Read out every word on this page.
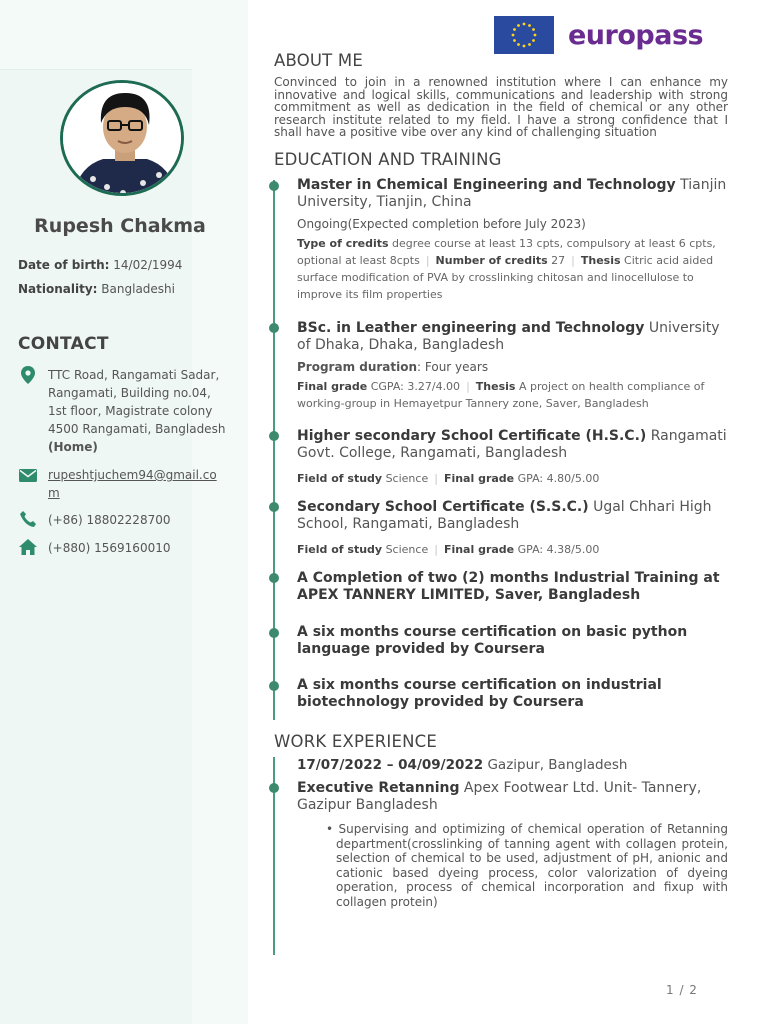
Rupesh Chakma
Date of birth: 14/02/1994
Nationality: Bangladeshi
CONTACT
TTC Road, Rangamati Sadar,
Rangamati, Building no.04,
1st floor, Magistrate colony
4500 Rangamati, Bangladesh
(Home)
rupeshtjuchem94@gmail.co
m
(+86) 18802228700
(+880) 1569160010
europass
ABOUT ME
Convinced to join in a renowned institution where I can enhance my innovative and logical skills, communications and leadership with strong commitment as well as dedication in the field of chemical or any other research institute related to my field. I have a strong confidence that I shall have a positive vibe over any kind of challenging situation
EDUCATION AND TRAINING
Master in Chemical Engineering and Technology Tianjin University, Tianjin, China
Ongoing(Expected completion before July 2023)
Type of credits degree course at least 13 cpts, compulsory at least 6 cpts, optional at least 8cpts | Number of credits 27 | Thesis Citric acid aided surface modification of PVA by crosslinking chitosan and linocellulose to improve its film properties
BSc. in Leather engineering and Technology University of Dhaka, Dhaka, Bangladesh
Program duration: Four years
Final grade CGPA: 3.27/4.00 | Thesis A project on health compliance of working-group in Hemayetpur Tannery zone, Saver, Bangladesh
Higher secondary School Certificate (H.S.C.) Rangamati Govt. College, Rangamati, Bangladesh
Field of study Science | Final grade GPA: 4.80/5.00
Secondary School Certificate (S.S.C.) Ugal Chhari High School, Rangamati, Bangladesh
Field of study Science | Final grade GPA: 4.38/5.00
A Completion of two (2) months Industrial Training at APEX TANNERY LIMITED, Saver, Bangladesh
A six months course certification on basic python language provided by Coursera
A six months course certification on industrial biotechnology provided by Coursera
WORK EXPERIENCE
17/07/2022 – 04/09/2022 Gazipur, Bangladesh
Executive Retanning Apex Footwear Ltd. Unit- Tannery, Gazipur Bangladesh
• Supervising and optimizing of chemical operation of Retanning department(crosslinking of tanning agent with collagen protein, selection of chemical to be used, adjustment of pH, anionic and cationic based dyeing process, color valorization of dyeing operation, process of chemical incorporation and fixup with collagen protein)
1 / 2
